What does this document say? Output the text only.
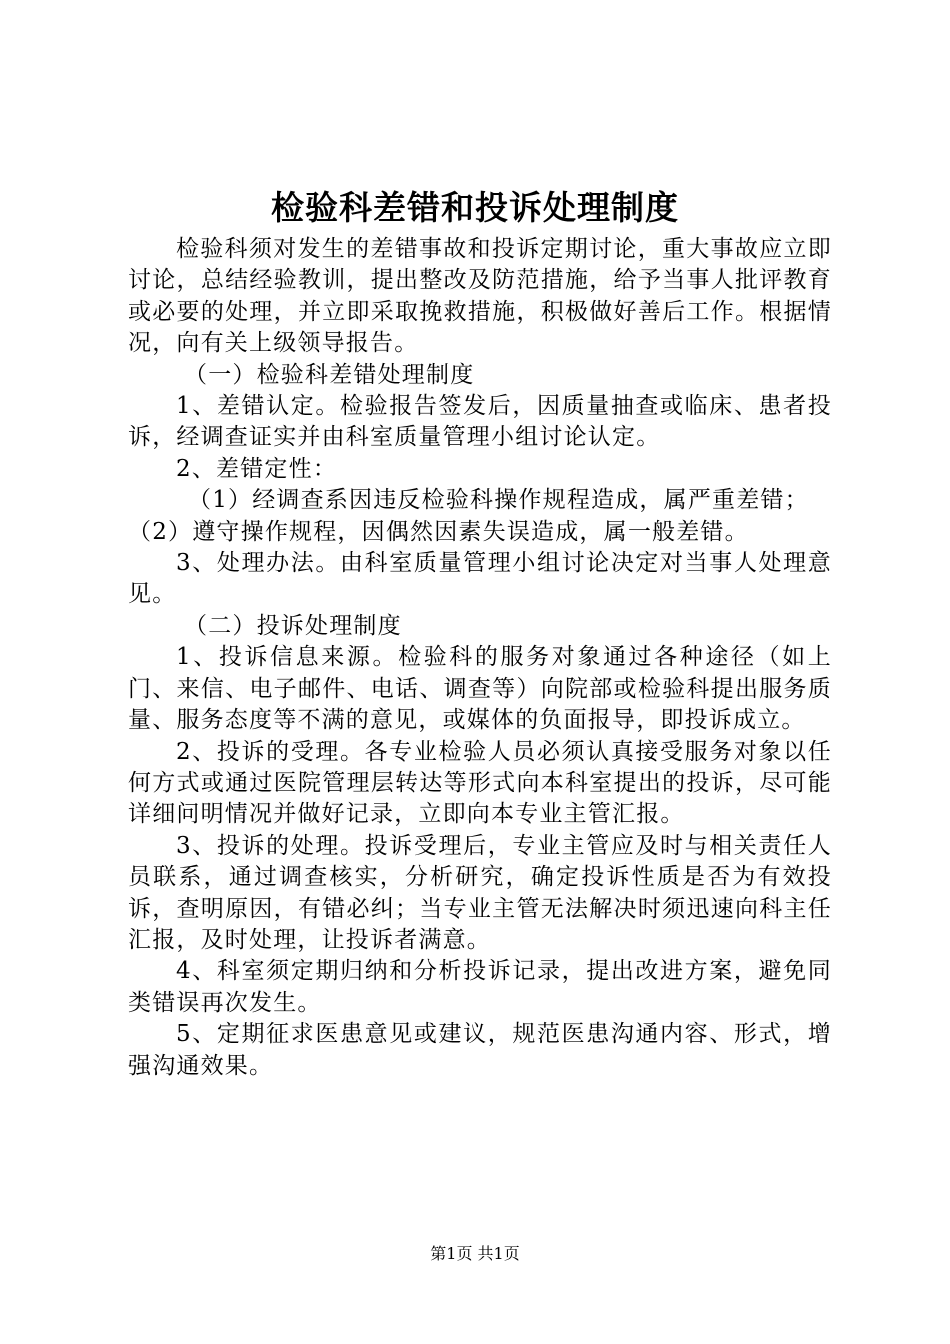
检验科差错和投诉处理制度

检验科须对发生的差错事故和投诉定期讨论，重大事故应立即讨论，总结经验教训，提出整改及防范措施，给予当事人批评教育或必要的处理，并立即采取挽救措施，积极做好善后工作。根据情况，向有关上级领导报告。

（一）检验科差错处理制度

1、差错认定。检验报告签发后，因质量抽查或临床、患者投诉，经调查证实并由科室质量管理小组讨论认定。

2、差错定性：

（1）经调查系因违反检验科操作规程造成，属严重差错；

（2）遵守操作规程，因偶然因素失误造成，属一般差错。

3、处理办法。由科室质量管理小组讨论决定对当事人处理意见。

（二）投诉处理制度

1、投诉信息来源。检验科的服务对象通过各种途径（如上门、来信、电子邮件、电话、调查等）向院部或检验科提出服务质量、服务态度等不满的意见，或媒体的负面报导，即投诉成立。

2、投诉的受理。各专业检验人员必须认真接受服务对象以任何方式或通过医院管理层转达等形式向本科室提出的投诉，尽可能详细问明情况并做好记录，立即向本专业主管汇报。

3、投诉的处理。投诉受理后，专业主管应及时与相关责任人员联系，通过调查核实，分析研究，确定投诉性质是否为有效投诉，查明原因，有错必纠；当专业主管无法解决时须迅速向科主任汇报，及时处理，让投诉者满意。

4、科室须定期归纳和分析投诉记录，提出改进方案，避免同类错误再次发生。

5、定期征求医患意见或建议，规范医患沟通内容、形式，增强沟通效果。

第1页 共1页
